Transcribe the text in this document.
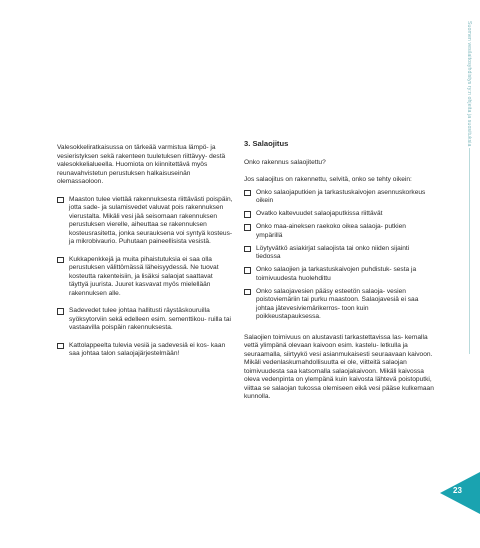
Suomen vesilaitosyhdistys ry:n ohjeita ja suosituksia

Valesokkeliratkaisussa on tärkeää varmistua lämpö- ja vesieristyksen sekä rakenteen tuuletuksen riittävyy- destä valesokkelialueella. Huomiota on kiinnitettävä myös reunavahvistetun perustuksen halkaisuseinän olemassaoloon.

Maaston tulee viettää rakennuksesta riittävästi poispäin, jotta sade- ja sulamisvedet valuvat pois rakennuksen vierustalta. Mikäli vesi jää seisomaan rakennuksen perustuksen vierelle, aiheuttaa se rakennuksen kosteusrasitetta, jonka seurauksena voi syntyä kosteus- ja mikrobivaurio. Puhutaan paineellisista vesistä.
Kukkapenkkejä ja muita pihaistutuksia ei saa olla perustuksen välittömässä läheisyydessä. Ne tuovat kosteutta rakenteisiin, ja lisäksi salaojat saattavat täyttyä juurista. Juuret kasvavat myös mielellään rakennuksen alle.
Sadevedet tulee johtaa hallitusti räystäskouruilla syöksytorviin sekä edelleen esim. sementtikou- ruilla tai vastaavilla poispäin rakennuksesta.
Kattolappeelta tulevia vesiä ja sadevesiä ei kos- kaan saa johtaa talon salaojajärjestelmään!

3. Salaojitus

Onko rakennus salaojitettu?

Jos salaojitus on rakennettu, selvitä, onko se tehty oikein:

Onko salaojaputkien ja tarkastuskaivojen asennuskorkeus oikein
Ovatko kaltevuudet salaojaputkissa riittävät
Onko maa-aineksen raekoko oikea salaoja- putkien ympärillä
Löytyvätkö asiakirjat salaojista tai onko niiden sijainti tiedossa
Onko salaojien ja tarkastuskaivojen puhdistuk- sesta ja toimivuudesta huolehdittu
Onko salaojavesien pääsy esteetön salaoja- vesien poistoviemäriin tai purku maastoon. Salaojavesiä ei saa johtaa jätevesiviemärikerros- toon kuin poikkeustapauksessa.

Salaojien toimivuus on alustavasti tarkastettavissa las- kemalla vettä ylimpänä olevaan kaivoon esim. kastelu- letkulla ja seuraamalla, siirtyykö vesi asianmukaisesti seuraavaan kaivoon. Mikäli vedenlaskumahdollisuutta ei ole, viitteitä salaojan toimivuudesta saa katsomalla salaojakaivoon. Mikäli kaivossa oleva vedenpinta on ylempänä kuin kaivosta lähtevä poistoputki, viittaa se salaojan tukossa olemiseen eikä vesi pääse kulkemaan kunnolla.

23
